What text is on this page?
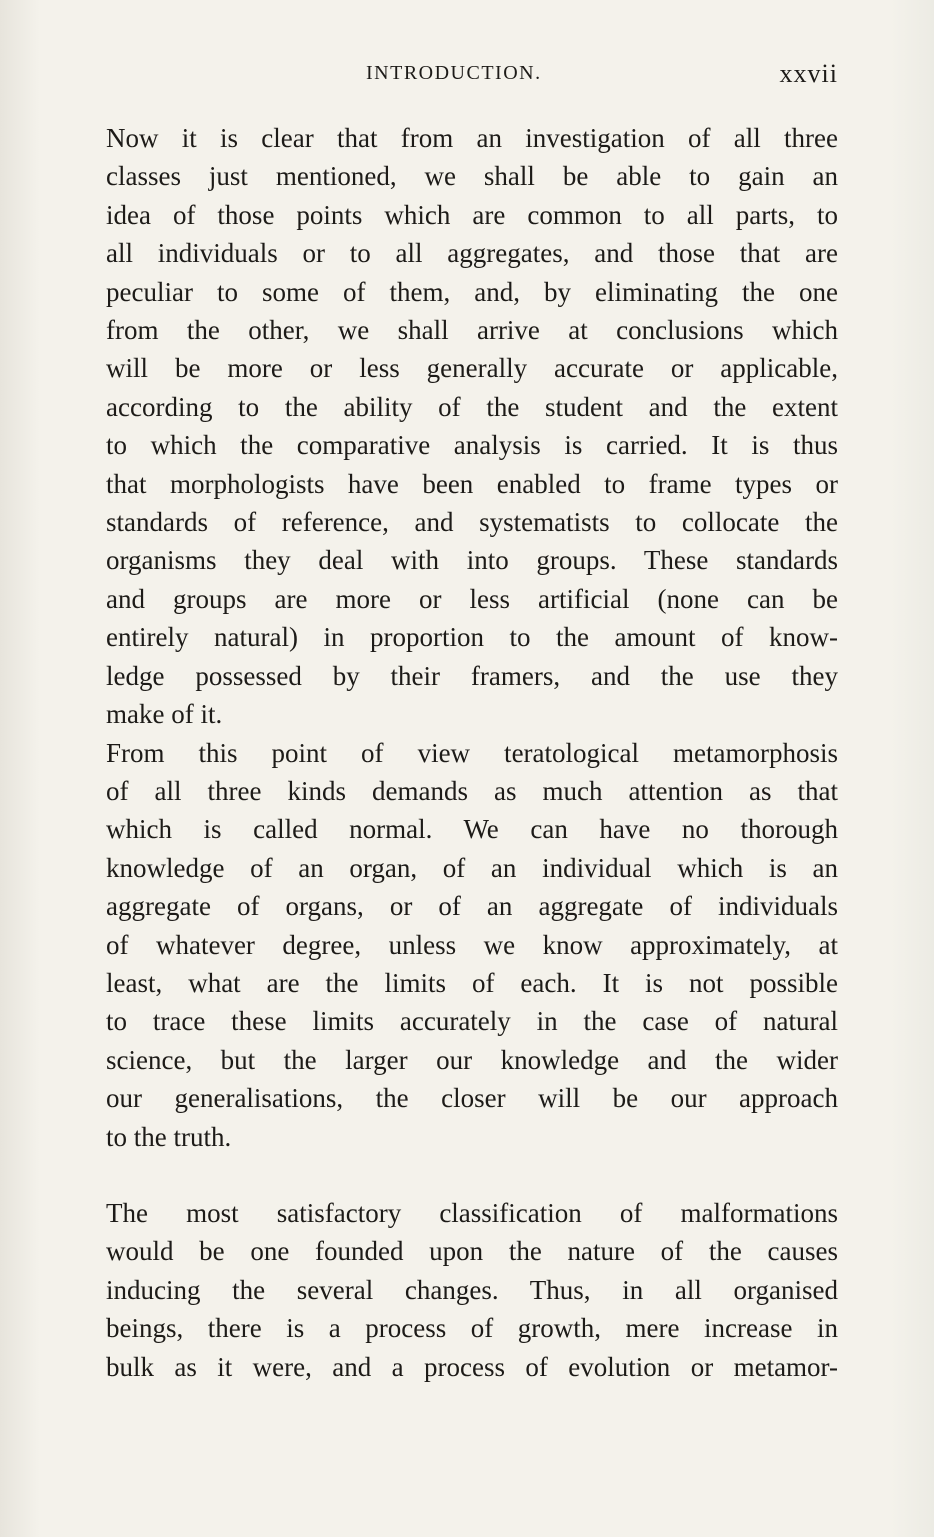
INTRODUCTION.	xxvii
Now it is clear that from an investigation of all three
classes just mentioned, we shall be able to gain an
idea of those points which are common to all parts, to
all individuals or to all aggregates, and those that are
peculiar to some of them, and, by eliminating the one
from the other, we shall arrive at conclusions which
will be more or less generally accurate or applicable,
according to the ability of the student and the extent
to which the comparative analysis is carried. It is thus
that morphologists have been enabled to frame types or
standards of reference, and systematists to collocate the
organisms they deal with into groups. These standards
and groups are more or less artificial (none can be
entirely natural) in proportion to the amount of know-
ledge possessed by their framers, and the use they
make of it.
From this point of view teratological metamorphosis
of all three kinds demands as much attention as that
which is called normal. We can have no thorough
knowledge of an organ, of an individual which is an
aggregate of organs, or of an aggregate of individuals
of whatever degree, unless we know approximately, at
least, what are the limits of each. It is not possible
to trace these limits accurately in the case of natural
science, but the larger our knowledge and the wider
our generalisations, the closer will be our approach
to the truth.
The most satisfactory classification of malformations
would be one founded upon the nature of the causes
inducing the several changes. Thus, in all organised
beings, there is a process of growth, mere increase in
bulk as it were, and a process of evolution or metamor-
